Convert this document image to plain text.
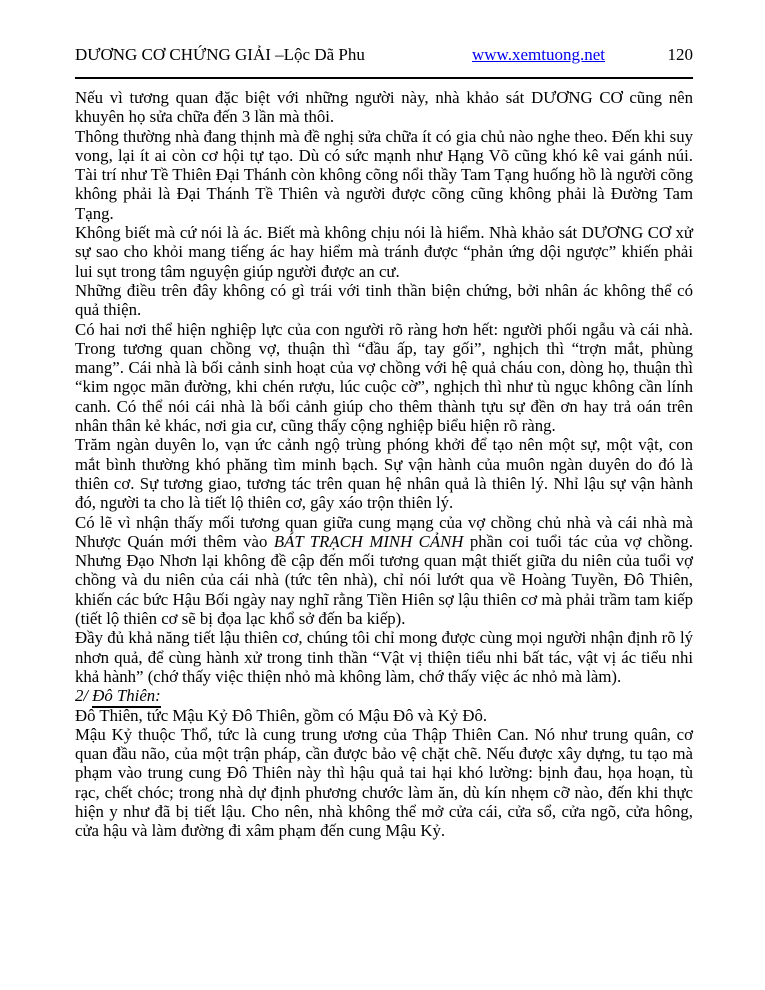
DƯƠNG CƠ CHỨNG GIẢI –Lộc Dã Phu	www.xemtuong.net	120

Nếu vì tương quan đặc biệt với những người này, nhà khảo sát DƯƠNG CƠ cũng nên khuyên họ sửa chữa đến 3 lần mà thôi.

Thông thường nhà đang thịnh mà đề nghị sửa chữa ít có gia chủ nào nghe theo. Đến khi suy vong, lại ít ai còn cơ hội tự tạo. Dù có sức mạnh như Hạng Võ cũng khó kê vai gánh núi. Tài trí như Tề Thiên Đại Thánh còn không cõng nổi thầy Tam Tạng huống hồ là người cõng không phải là Đại Thánh Tề Thiên và người được cõng cũng không phải là Đường Tam Tạng.

Không biết mà cứ nói là ác. Biết mà không chịu nói là hiểm. Nhà khảo sát DƯƠNG CƠ xử sự sao cho khỏi mang tiếng ác hay hiểm mà tránh được “phản ứng dội ngược” khiến phải lui sụt trong tâm nguyện giúp người được an cư.

Những điều trên đây không có gì trái với tinh thần biện chứng, bởi nhân ác không thể có quả thiện.

Có hai nơi thể hiện nghiệp lực của con người rõ ràng hơn hết: người phối ngẫu và cái nhà. Trong tương quan chồng vợ, thuận thì “đầu ấp, tay gối”, nghịch thì “trợn mắt, phùng mang”. Cái nhà là bối cảnh sinh hoạt của vợ chồng với hệ quả cháu con, dòng họ, thuận thì “kim ngọc mãn đường, khi chén rượu, lúc cuộc cờ”, nghịch thì như tù ngục không cần lính canh. Có thể nói cái nhà là bối cảnh giúp cho thêm thành tựu sự đền ơn hay trả oán trên nhân thân kẻ khác, nơi gia cư, cũng thấy cộng nghiệp biểu hiện rõ ràng.

Trăm ngàn duyên lo, vạn ức cảnh ngộ trùng phóng khởi để tạo nên một sự, một vật, con mắt bình thường khó phăng tìm minh bạch. Sự vận hành của muôn ngàn duyên do đó là thiên cơ. Sự tương giao, tương tác trên quan hệ nhân quả là thiên lý. Nhỉ lậu sự vận hành đó, người ta cho là tiết lộ thiên cơ, gây xáo trộn thiên lý.

Có lẽ vì nhận thấy mối tương quan giữa cung mạng của vợ chồng chủ nhà và cái nhà mà Nhược Quán mới thêm vào BÁT TRẠCH MINH CẢNH phần coi tuổi tác của vợ chồng. Nhưng Đạo Nhơn lại không đề cập đến mối tương quan mật thiết giữa du niên của tuổi vợ chồng và du niên của cái nhà (tức tên nhà), chỉ nói lướt qua về Hoàng Tuyền, Đô Thiên, khiến các bức Hậu Bối ngày nay nghĩ rằng Tiền Hiên sợ lậu thiên cơ mà phải trầm tam kiếp (tiết lộ thiên cơ sẽ bị đọa lạc khổ sở đến ba kiếp).

Đầy đủ khả năng tiết lậu thiên cơ, chúng tôi chỉ mong được cùng mọi người nhận định rõ lý nhơn quả, để cùng hành xử trong tinh thần “Vật vị thiện tiểu nhi bất tác, vật vị ác tiểu nhi khả hành” (chớ thấy việc thiện nhỏ mà không làm, chớ thấy việc ác nhỏ mà làm).

2/ Đô Thiên:

Đô Thiên, tức Mậu Kỷ Đô Thiên, gồm có Mậu Đô và Kỷ Đô.

Mậu Kỷ thuộc Thổ, tức là cung trung ương của Thập Thiên Can. Nó như trung quân, cơ quan đầu não, của một trận pháp, cần được bảo vệ chặt chẽ. Nếu được xây dựng, tu tạo mà phạm vào trung cung Đô Thiên này thì hậu quả tai hại khó lường: bịnh đau, họa hoạn, tù rạc, chết chóc; trong nhà dự định phương chước làm ăn, dù kín nhẹm cỡ nào, đến khi thực hiện y như đã bị tiết lậu. Cho nên, nhà không thể mở cửa cái, cửa sổ, cửa ngõ, cửa hông, cửa hậu và làm đường đi xâm phạm đến cung Mậu Kỷ.
